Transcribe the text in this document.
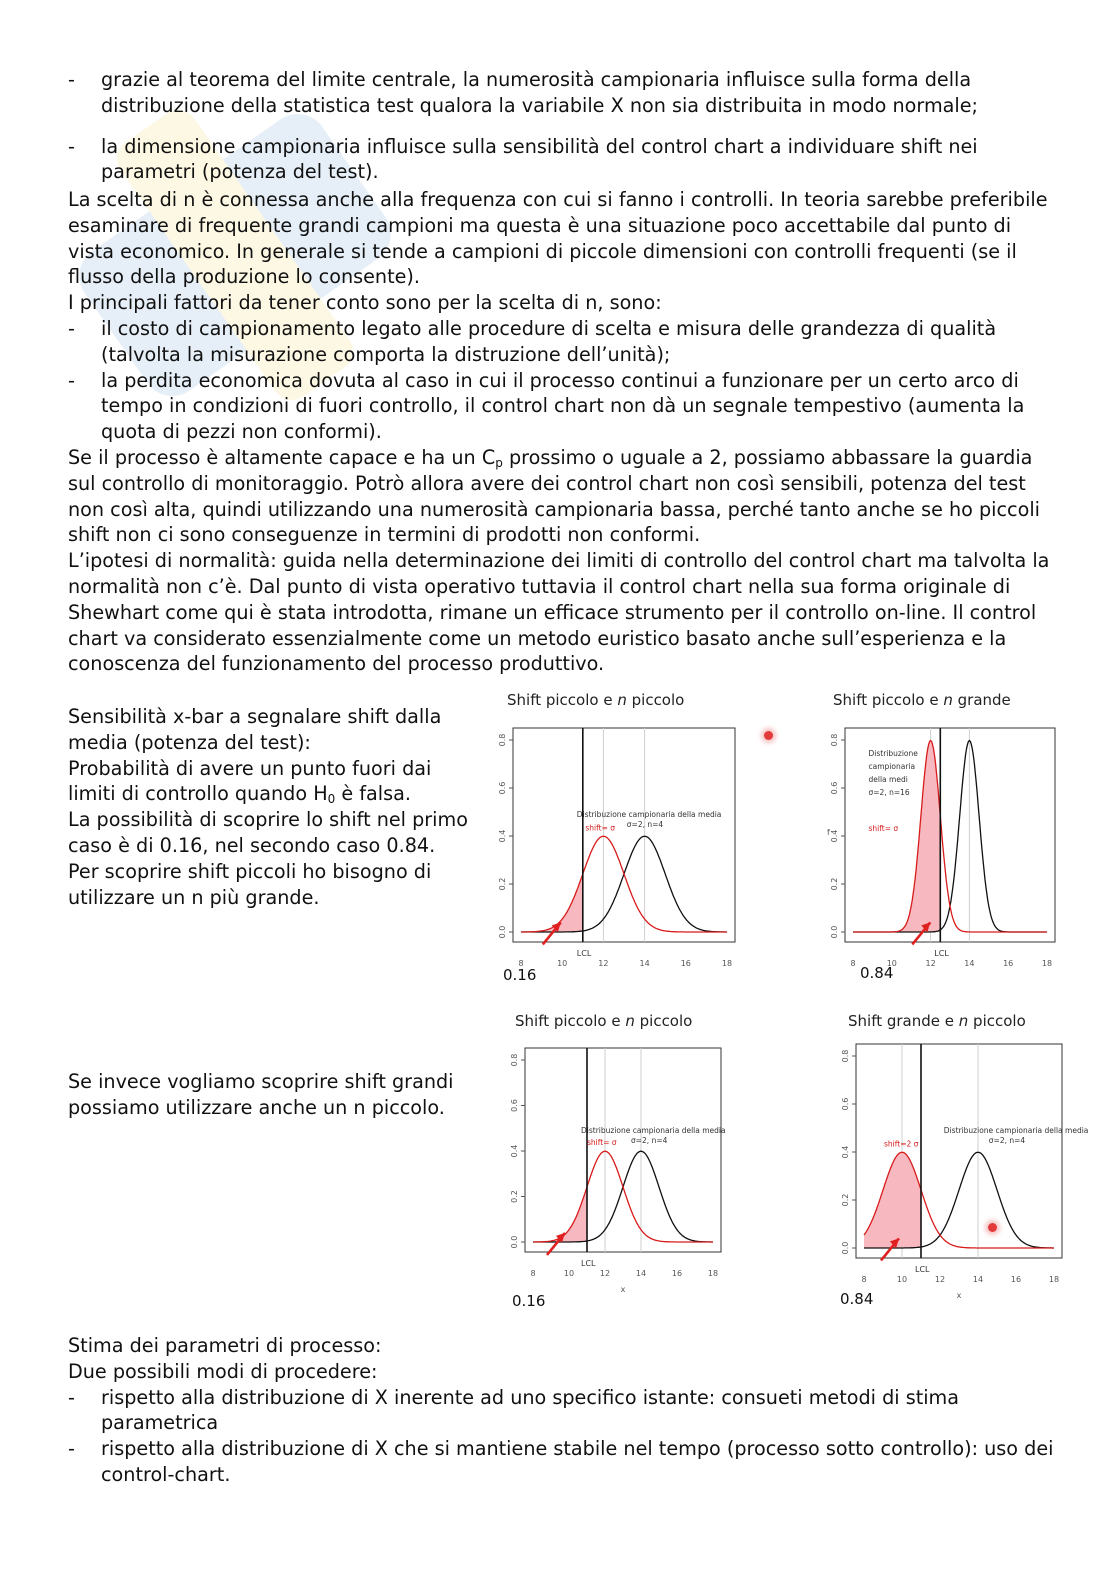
- grazie al teorema del limite centrale, la numerosità campionaria influisce sulla forma della distribuzione della statistica test qualora la variabile X non sia distribuita in modo normale;

- la dimensione campionaria influisce sulla sensibilità del control chart a individuare shift nei parametri (potenza del test).

La scelta di n è connessa anche alla frequenza con cui si fanno i controlli. In teoria sarebbe preferibile esaminare di frequente grandi campioni ma questa è una situazione poco accettabile dal punto di vista economico. In generale si tende a campioni di piccole dimensioni con controlli frequenti (se il flusso della produzione lo consente).

I principali fattori da tener conto sono per la scelta di n, sono:

- il costo di campionamento legato alle procedure di scelta e misura delle grandezza di qualità (talvolta la misurazione comporta la distruzione dell’unità);

- la perdita economica dovuta al caso in cui il processo continui a funzionare per un certo arco di tempo in condizioni di fuori controllo, il control chart non dà un segnale tempestivo (aumenta la quota di pezzi non conformi).

Se il processo è altamente capace e ha un $C_p$ prossimo o uguale a 2, possiamo abbassare la guardia sul controllo di monitoraggio. Potrò allora avere dei control chart non così sensibili, potenza del test non così alta, quindi utilizzando una numerosità campionaria bassa, perché tanto anche se ho piccoli shift non ci sono conseguenze in termini di prodotti non conformi.

L’ipotesi di normalità: guida nella determinazione dei limiti di controllo del control chart ma talvolta la normalità non c’è. Dal punto di vista operativo tuttavia il control chart nella sua forma originale di Shewhart come qui è stata introdotta, rimane un efficace strumento per il controllo on-line. Il control chart va considerato essenzialmente come un metodo euristico basato anche sull’esperienza e la conoscenza del funzionamento del processo produttivo.

Sensibilità x-bar a segnalare shift dalla media (potenza del test):

Probabilità di avere un punto fuori dai limiti di controllo quando $H_0$ è falsa.

La possibilità di scoprire lo shift nel primo caso è di 0.16, nel secondo caso 0.84.

Per scoprire shift piccoli ho bisogno di utilizzare un n più grande.

Se invece vogliamo scoprire shift grandi possiamo utilizzare anche un n piccolo.

Shift piccolo e n piccolo	Shift piccolo e n grande
Shift piccolo e n piccolo	Shift grande e n piccolo
0.0
0.2
0.4
0.6
0.8
8	10	12	14	16	18
LCL
Distribuzione campionaria della media
σ=2, n=4
shift= σ
0.0
0.2
0.4
0.6
0.8
8	10	12	14	16	18
f
LCL
Distribuzione
campionaria
della medi
σ=2, n=16
shift= σ
0.0
0.2
0.4
0.6
0.8
8	10	12	14	16	18
x
LCL
Distribuzione campionaria della media
σ=2, n=4
shift= σ
0.0
0.2
0.4
0.6
0.8
8	10	12	14	16	18
x
LCL
Distribuzione campionaria della media
σ=2, n=4
shift=2 σ
0.16	0.84
0.16	0.84

Stima dei parametri di processo:

Due possibili modi di procedere:

- rispetto alla distribuzione di X inerente ad uno specifico istante: consueti metodi di stima parametrica

- rispetto alla distribuzione di X che si mantiene stabile nel tempo (processo sotto controllo): uso dei control-chart.
